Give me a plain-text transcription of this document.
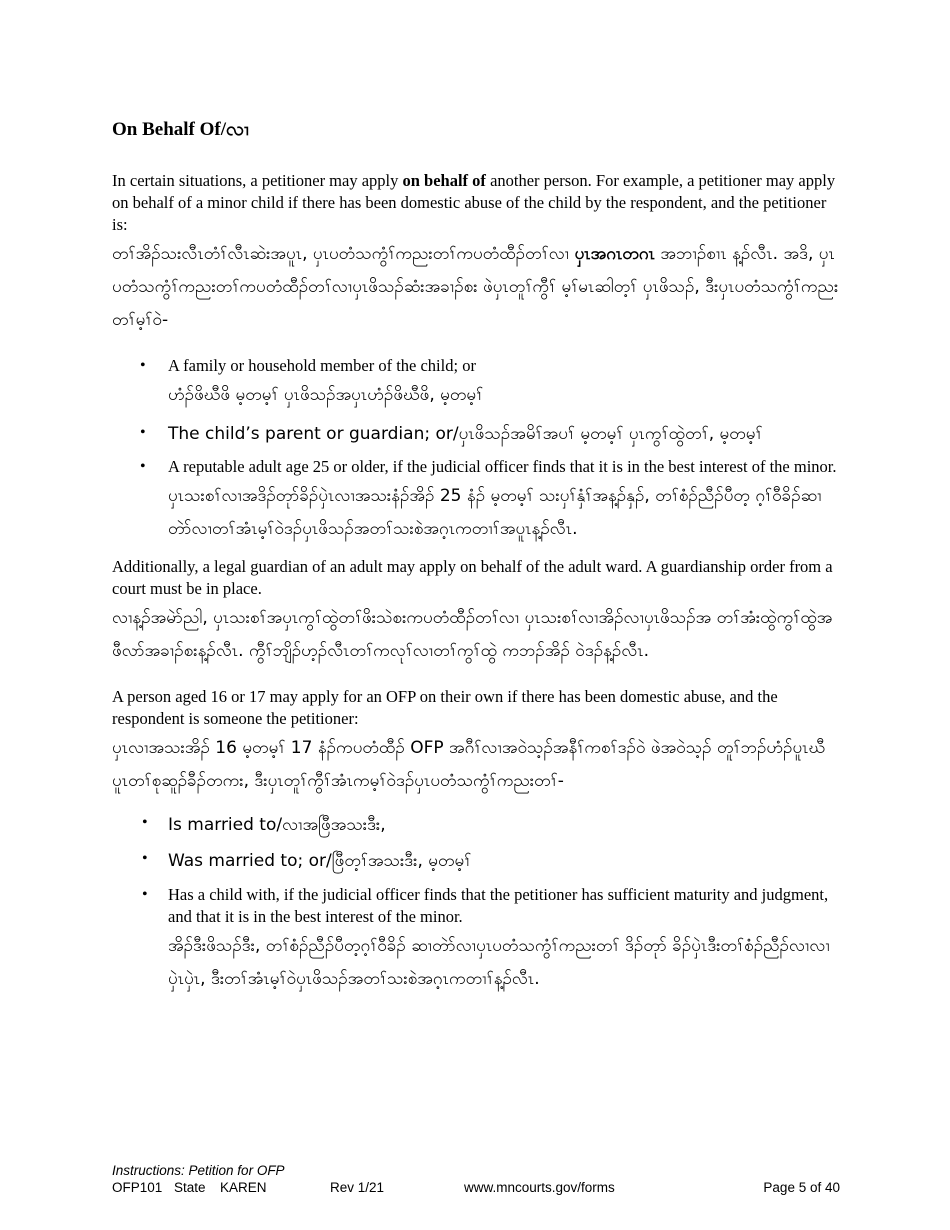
On Behalf Of/လၢ

In certain situations, a petitioner may apply on behalf of another person. For example, a petitioner may apply on behalf of a minor child if there has been domestic abuse of the child by the respondent, and the petitioner is:

တၢ်အိၣ်သးလီၤတံၢ်လီၤဆဲးအပူၤ, ပှၤပတံသကွံၢ်ကညးတၢ်ကပတံထီၣ်တၢ်လၢ ပှၤအဂၤတဂၤ အဘၢၣ်စၢၤ န့ၣ်လီၤ. အဒိ, ပှၤပတံသကွံၢ်ကညးတၢ်ကပတံထီၣ်တၢ်လၢပှၤဖိသၣ်ဆံးအခၢၣ်စး ဖဲပှၤတူၢ်ကွီၢ် မ့ၢ်မၤဆါတ့ၢ် ပှၤဖိသၣ်, ဒီးပှၤပတံသကွံၢ်ကညးတၢ်မ့ၢ်ဝဲ-

• A family or household member of the child; or

ဟံၣ်ဖိဃီဖိ မ့တမ့ၢ် ပှၤဖိသၣ်အပှၤဟံၣ်ဖိဃီဖိ, မ့တမ့ၢ်

• The child’s parent or guardian; or/ပှၤဖိသၣ်အမိၢ်အပၢ် မ့တမ့ၢ် ပှၤကွၢ်ထွဲတၢ်, မ့တမ့ၢ်

• A reputable adult age 25 or older, if the judicial officer finds that it is in the best interest of the minor.

ပှၤသးစၢ်လၢအဒိၣ်တုာ်ခိၣ်ပှဲၤလၢအသးနံၣ်အိၣ် 25 နံၣ် မ့တမ့ၢ် သးပှၢ်နှံၢ်အန့ၣ်နှၣ်, တၢ်စံၣ်ညီၣ်ပီတ့ ဂ့ၢ်ဝီခိၣ်ဆၢတဲာ်လၢတၢ်အံၤမ့ၢ်ဝဲဒၣ်ပှၤဖိသၣ်အတၢ်သးစဲအဂ့ၤကတၢၢ်အပူၤန့ၣ်လီၤ.

Additionally, a legal guardian of an adult may apply on behalf of the adult ward. A guardianship order from a court must be in place.

လၢန့ၣ်အမဲာ်ညါ, ပှၤသးစၢ်အပှၤကွၢ်ထွဲတၢ်ဖိးသဲစးကပတံထီၣ်တၢ်လၢ ပှၤသးစၢ်လၢအိၣ်လၢပှၤဖိသၣ်အ တၢ်အံးထွဲကွၢ်ထွဲအဖီလာ်အခၢၣ်စးန့ၣ်လီၤ. ကွီၢ်ဘျိၣ်ဟ့ၣ်လီၤတၢ်ကလုၢ်လၢတၢ်ကွၢ်ထွဲ ကဘၣ်အိၣ် ဝဲဒၣ်န့ၣ်လီၤ.

A person aged 16 or 17 may apply for an OFP on their own if there has been domestic abuse, and the respondent is someone the petitioner:

ပှၤလၢအသးအိၣ် 16 မ့တမ့ၢ် 17 နံၣ်ကပတံထီၣ် OFP အဂီၢ်လၢအဝဲသ့ၣ်အနီၢ်ကစၢ်ဒၣ်ဝဲ ဖဲအဝဲသ့ၣ် တူၢ်ဘၣ်ဟံၣ်ပူၤဃီပူၤတၢ်စုဆူၣ်ခီၣ်တကး, ဒီးပှၤတူၢ်ကွီၢ်အံၤကမ့ၢ်ဝဲဒၣ်ပှၤပတံသကွံၢ်ကညးတၢ်-

• Is married to/လၢအဖြီအသးဒီး,

• Was married to; or/ဖြီတ့ၢ်အသးဒီး, မ့တမ့ၢ်

• Has a child with, if the judicial officer finds that the petitioner has sufficient maturity and judgment, and that it is in the best interest of the minor.

အိၣ်ဒီးဖိသၣ်ဒီး, တၢ်စံၣ်ညီၣ်ပီတ့ဂ့ၢ်ဝီခိၣ် ဆၢတဲာ်လၢပှၤပတံသကွံၢ်ကညးတၢ် ဒိၣ်တုာ် ခိၣ်ပှဲၤဒီးတၢ်စံၣ်ညီၣ်လၢလၢပှဲၤပှဲၤ, ဒီးတၢ်အံၤမ့ၢ်ဝဲပှၤဖိသၣ်အတၢ်သးစဲအဂ့ၤကတၢၢ်န့ၣ်လီၤ.

Instructions: Petition for OFP
OFP101 State KAREN	Rev 1/21	www.mncourts.gov/forms	Page 5 of 40
